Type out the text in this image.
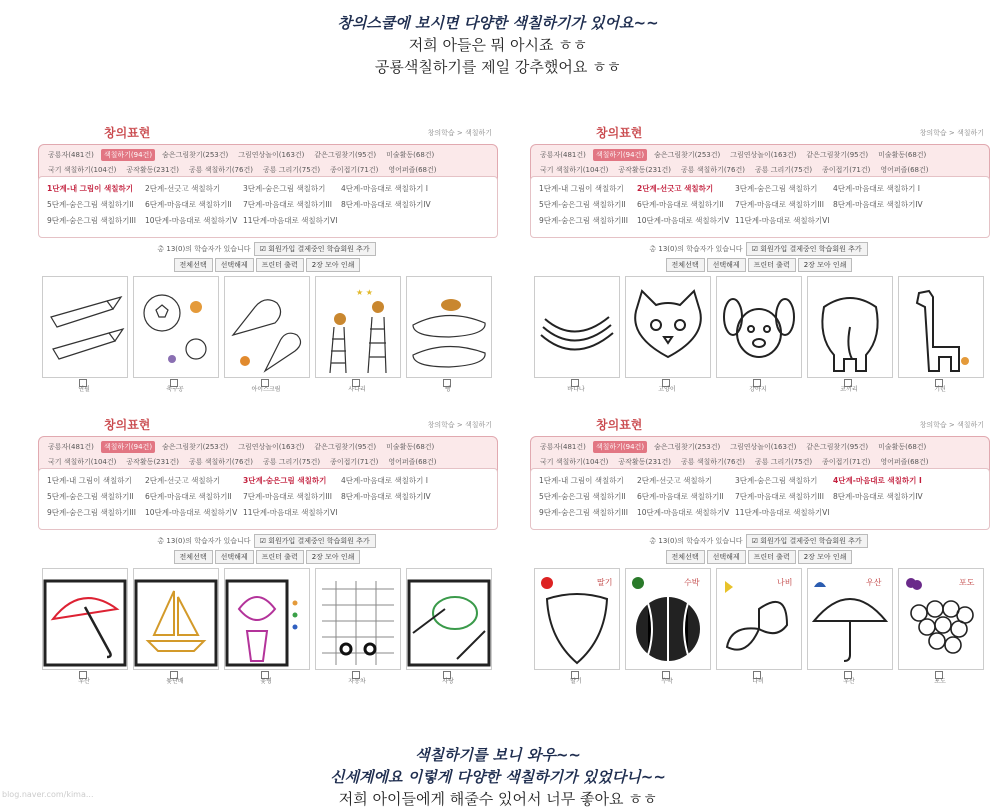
창의스쿨에 보시면 다양한 색칠하기가 있어요~~
저희 아들은 뭐 아시죠 ㅎㅎ
공룡색칠하기를 제일 강추했어요 ㅎㅎ
창의표현	창의학습 > 색칠하기
공룡자(481건) 색칠하기(94건) 숨은그림찾기(253건) 그림연상놀이(163건) 같은그림찾기(95건) 미술활동(68건) 국기 색칠하기(104건) 공작활동(231건) 공룡 색칠하기(76건) 공룡 그리기(75건) 종이접기(71건) 영어퍼즐(68건)
1단계-내 그림이 색칠하기 2단계-선긋고 색칠하기	3단계-숨은그림 색칠하기 4단계-마음대로 색칠하기 I
5단계-숨은그림 색칠하기II 6단계-마음대로 색칠하기II 7단계-마음대로 색칠하기III 8단계-마음대로 색칠하기IV
9단계-숨은그림 색칠하기III 10단계-마음대로 색칠하기V 11단계-마음대로 색칠하기VI
총 13(0)의 학습자가 있습니다 ☑ 회원가입 결제중인 학습회원 추가
전체선택 선택해제 프린터 출력 2장 모아 인쇄
연필	축구공	아이스크림
★ ★
사다리	빵
창의표현	창의학습 > 색칠하기
공룡자(481건) 색칠하기(94건) 숨은그림찾기(253건) 그림연상놀이(163건) 같은그림찾기(95건) 미술활동(68건) 국기 색칠하기(104건) 공작활동(231건) 공룡 색칠하기(76건) 공룡 그리기(75건) 종이접기(71건) 영어퍼즐(68건)
1단계-내 그림이 색칠하기 2단계-선긋고 색칠하기	3단계-숨은그림 색칠하기 4단계-마음대로 색칠하기 I
5단계-숨은그림 색칠하기II 6단계-마음대로 색칠하기II 7단계-마음대로 색칠하기III 8단계-마음대로 색칠하기IV
9단계-숨은그림 색칠하기III 10단계-마음대로 색칠하기V 11단계-마음대로 색칠하기VI
총 13(0)의 학습자가 있습니다 ☑ 회원가입 결제중인 학습회원 추가
전체선택 선택해제 프린터 출력 2장 모아 인쇄
바나나	고양이	강아지	코끼리	기린
창의표현	창의학습 > 색칠하기
공룡자(481건) 색칠하기(94건) 숨은그림찾기(253건) 그림연상놀이(163건) 같은그림찾기(95건) 미술활동(68건) 국기 색칠하기(104건) 공작활동(231건) 공룡 색칠하기(76건) 공룡 그리기(75건) 종이접기(71건) 영어퍼즐(68건)
1단계-내 그림이 색칠하기 2단계-선긋고 색칠하기	3단계-숨은그림 색칠하기 4단계-마음대로 색칠하기 I
5단계-숨은그림 색칠하기II 6단계-마음대로 색칠하기II 7단계-마음대로 색칠하기III 8단계-마음대로 색칠하기IV
9단계-숨은그림 색칠하기III 10단계-마음대로 색칠하기V 11단계-마음대로 색칠하기VI
총 13(0)의 학습자가 있습니다 ☑ 회원가입 결제중인 학습회원 추가
전체선택 선택해제 프린터 출력 2장 모아 인쇄
우산	돛단배	꽃병	자동차	사탕
창의표현	창의학습 > 색칠하기
공룡자(481건) 색칠하기(94건) 숨은그림찾기(253건) 그림연상놀이(163건) 같은그림찾기(95건) 미술활동(68건) 국기 색칠하기(104건) 공작활동(231건) 공룡 색칠하기(76건) 공룡 그리기(75건) 종이접기(71건) 영어퍼즐(68건)
1단계-내 그림이 색칠하기 2단계-선긋고 색칠하기	3단계-숨은그림 색칠하기 4단계-마음대로 색칠하기 I
5단계-숨은그림 색칠하기II 6단계-마음대로 색칠하기II 7단계-마음대로 색칠하기III 8단계-마음대로 색칠하기IV
9단계-숨은그림 색칠하기III 10단계-마음대로 색칠하기V 11단계-마음대로 색칠하기VI
총 13(0)의 학습자가 있습니다 ☑ 회원가입 결제중인 학습회원 추가
전체선택 선택해제 프린터 출력 2장 모아 인쇄
딸기
딸기
수박
수박
나비
나비
우산
우산
포도
포도
색칠하기를 보니 와우~~
신세계에요 이렇게 다양한 색칠하기가 있었다니~~
저희 아이들에게 해줄수 있어서 너무 좋아요 ㅎㅎ
blog.naver.com/kima...
